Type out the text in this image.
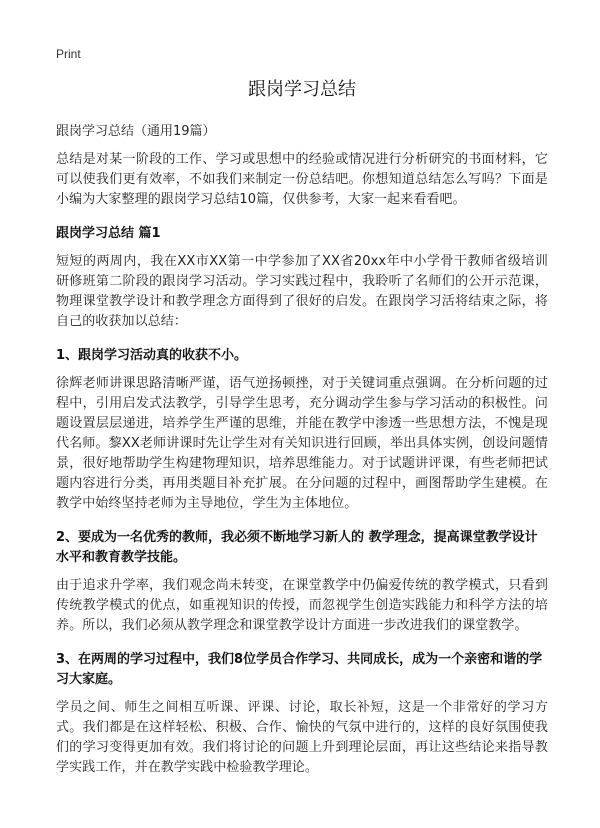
Print
跟岗学习总结
跟岗学习总结（通用19篇）

总结是对某一阶段的工作、学习或思想中的经验或情况进行分析研究的书面材料，它可以使我们更有效率，不如我们来制定一份总结吧。你想知道总结怎么写吗？下面是小编为大家整理的跟岗学习总结10篇，仅供参考，大家一起来看看吧。

跟岗学习总结 篇1

短短的两周内，我在XX市XX第一中学参加了XX省20xx年中小学骨干教师省级培训研修班第二阶段的跟岗学习活动。学习实践过程中，我聆听了名师们的公开示范课，物理课堂教学设计和教学理念方面得到了很好的启发。在跟岗学习活将结束之际，将自己的收获加以总结：

1、跟岗学习活动真的收获不小。

徐辉老师讲课思路清晰严谨，语气逆扬顿挫，对于关键词重点强调。在分析问题的过程中，引用启发式法教学，引导学生思考，充分调动学生参与学习活动的积极性。问题设置层层递进，培养学生严谨的思维，并能在教学中渗透一些思想方法，不愧是现代名师。黎XX老师讲课时先让学生对有关知识进行回顾，举出具体实例，创设问题情景，很好地帮助学生构建物理知识，培养思维能力。对于试题讲评课，有些老师把试题内容进行分类，再用类题目补充扩展。在分问题的过程中，画图帮助学生建模。在教学中始终坚持老师为主导地位，学生为主体地位。

2、要成为一名优秀的教师，我必须不断地学习新人的 教学理念，提高课堂教学设计水平和教育教学技能。

由于追求升学率，我们观念尚未转变，在课堂教学中仍偏爱传统的教学模式，只看到传统教学模式的优点，如重视知识的传授，而忽视学生创造实践能力和科学方法的培养。所以，我们必须从教学理念和课堂教学设计方面进一步改进我们的课堂教学。

3、在两周的学习过程中，我们8位学员合作学习、共同成长，成为一个亲密和谐的学习大家庭。

学员之间、师生之间相互听课、评课、讨论，取长补短，这是一个非常好的学习方式。我们都是在这样轻松、积极、合作、愉快的气氛中进行的，这样的良好氛围使我们的学习变得更加有效。我们将讨论的问题上升到理论层面，再让这些结论来指导教学实践工作，并在教学实践中检验教学理论。
